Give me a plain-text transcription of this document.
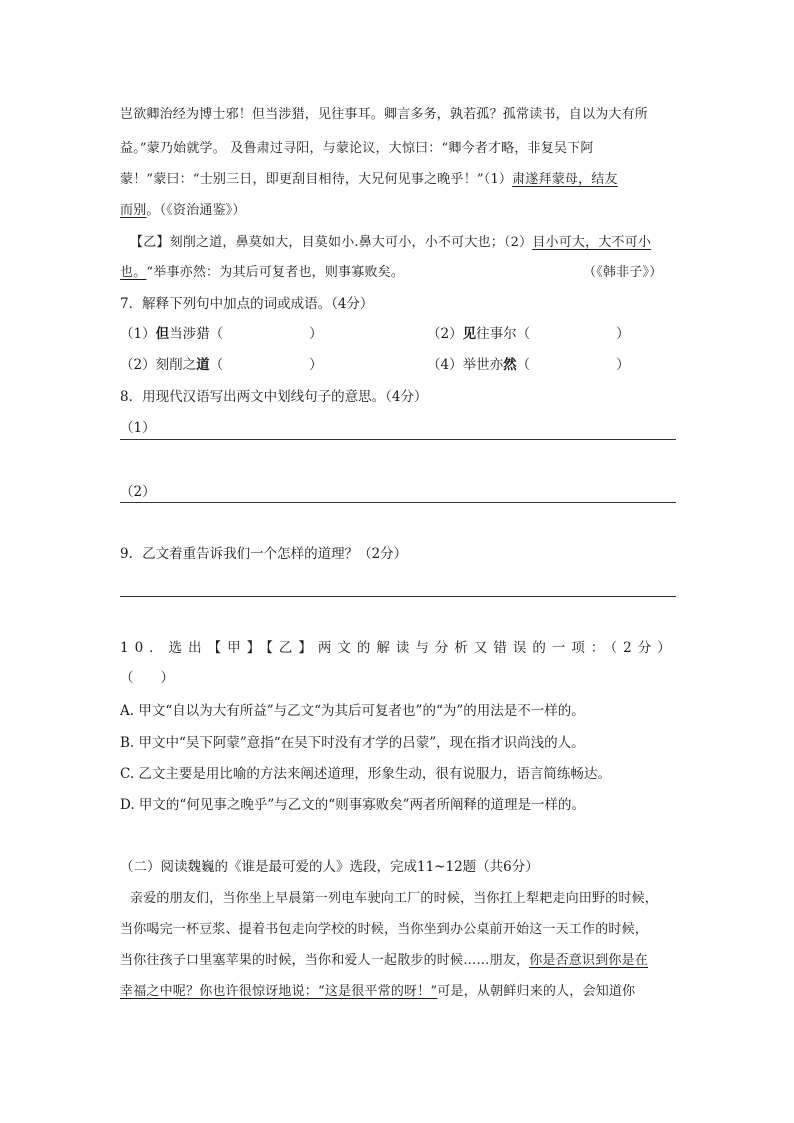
岂欲卿治经为博士邪！但当涉猎，见往事耳。卿言多务，孰若孤？孤常读书，自以为大有所
益。”蒙乃始就学。 及鲁肃过寻阳，与蒙论议，大惊曰：“卿今者才略，非复吴下阿
蒙！”蒙曰：“士别三日，即更刮目相待，大兄何见事之晚乎！”（1）肃遂拜蒙母，结友
而别。（《资治通鉴》）
【乙】刻削之道，鼻莫如大，目莫如小.鼻大可小，小不可大也；（2）目小可大，大不可小
也。“举事亦然：为其后可复者也，则事寡败矣。	（《韩非子》）
7．解释下列句中加点的词或成语。（4分）
（1）但当涉猎（	）	（2）见往事尔（	）
（2）刻削之道（	）	（4）举世亦然（	）
8．用现代汉语写出两文中划线句子的意思。（4分）
（1）
（2）
9．乙文着重告诉我们一个怎样的道理？（2分）
10．选出【甲】【乙】两文的解读与分析又错误的一项：（2分）
（　　）
A. 甲文“自以为大有所益”与乙文“为其后可复者也”的“为”的用法是不一样的。
B. 甲文中“吴下阿蒙”意指“在吴下时没有才学的吕蒙”，现在指才识尚浅的人。
C. 乙文主要是用比喻的方法来阐述道理，形象生动，很有说服力，语言简练畅达。
D. 甲文的“何见事之晚乎”与乙文的“则事寡败矣”两者所阐释的道理是一样的。
（二）阅读魏巍的《谁是最可爱的人》选段，完成11~12题（共6分）
亲爱的朋友们，当你坐上早晨第一列电车驶向工厂的时候，当你扛上犁耙走向田野的时候，
当你喝完一杯豆浆、提着书包走向学校的时候，当你坐到办公桌前开始这一天工作的时候，
当你往孩子口里塞苹果的时候，当你和爱人一起散步的时候……朋友，你是否意识到你是在
幸福之中呢？你也许很惊讶地说：“这是很平常的呀！”可是，从朝鲜归来的人，会知道你
